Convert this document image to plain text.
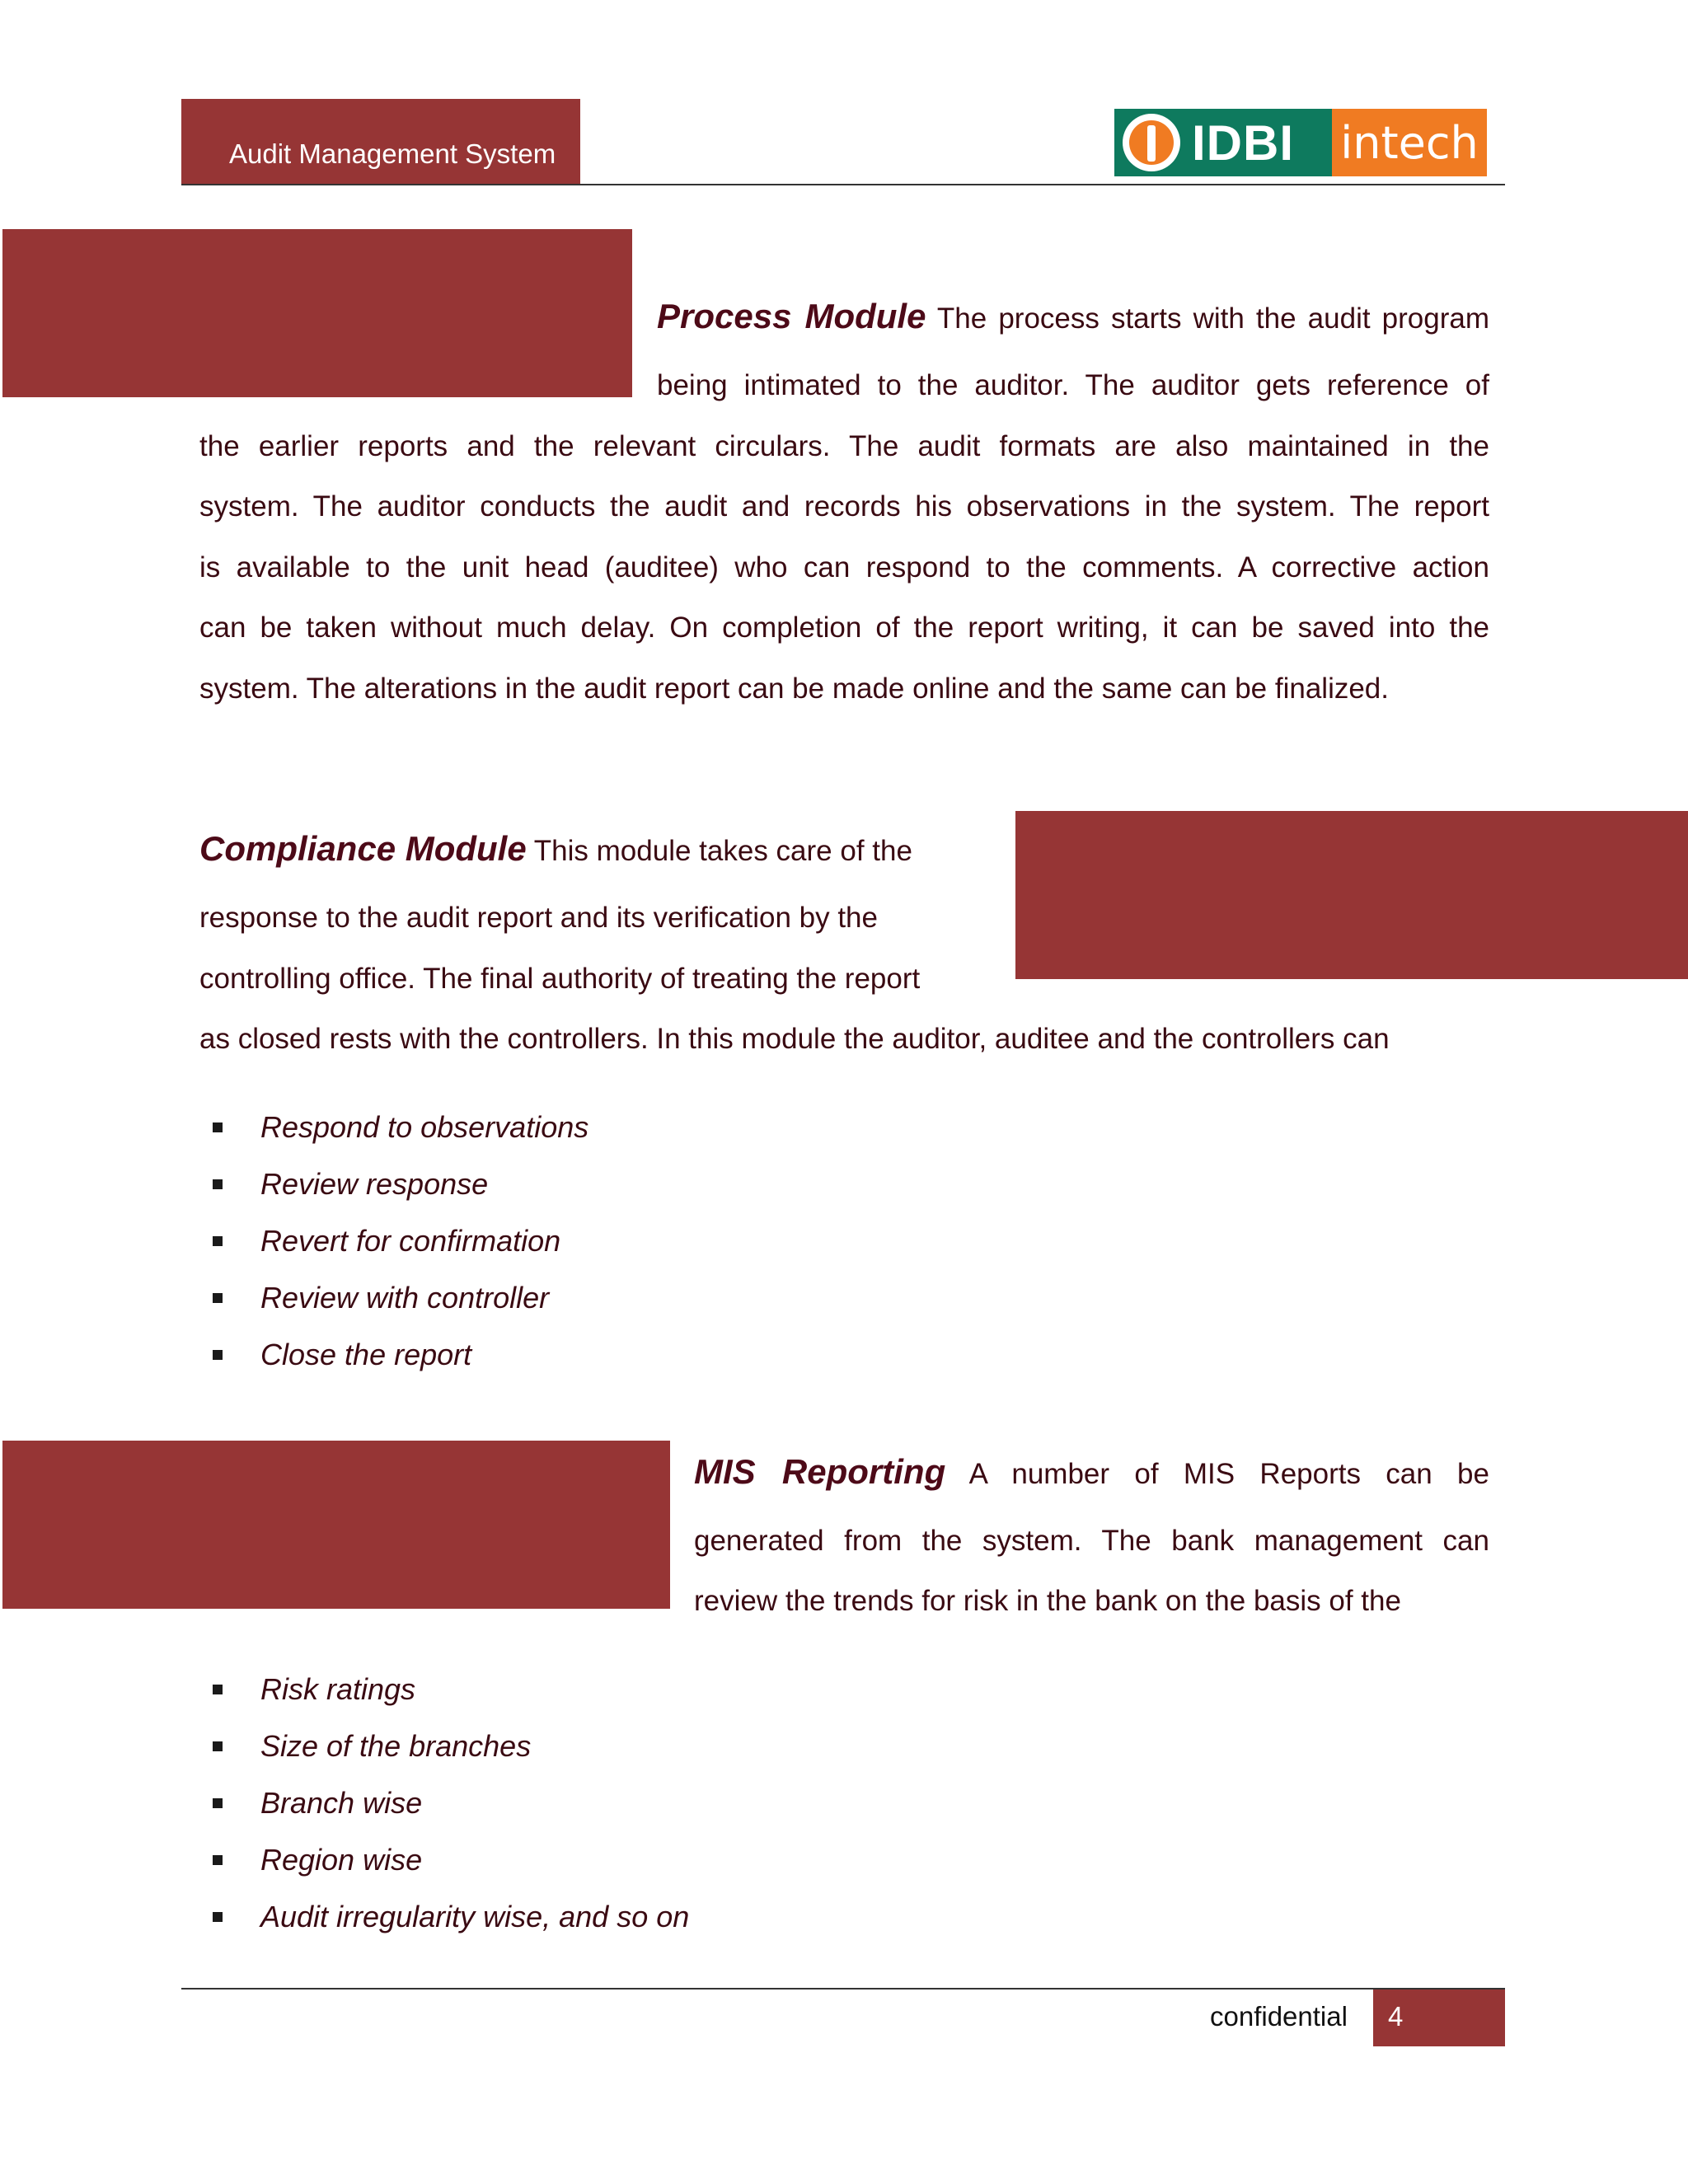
Audit Management System	IDBI intech
Process Module The process starts with the audit program
being intimated to the auditor. The auditor gets reference of
the earlier reports and the relevant circulars. The audit formats are also maintained in the
system. The auditor conducts the audit and records his observations in the system. The report
is available to the unit head (auditee) who can respond to the comments. A corrective action
can be taken without much delay. On completion of the report writing, it can be saved into the
system. The alterations in the audit report can be made online and the same can be finalized.
Compliance Module This module takes care of the
response to the audit report and its verification by the
controlling office. The final authority of treating the report
as closed rests with the controllers. In this module the auditor, auditee and the controllers can
Respond to observations
Review response
Revert for confirmation
Review with controller
Close the report
MIS Reporting A number of MIS Reports can be
generated from the system. The bank management can
review the trends for risk in the bank on the basis of the
Risk ratings
Size of the branches
Branch wise
Region wise
Audit irregularity wise, and so on
confidential 4
